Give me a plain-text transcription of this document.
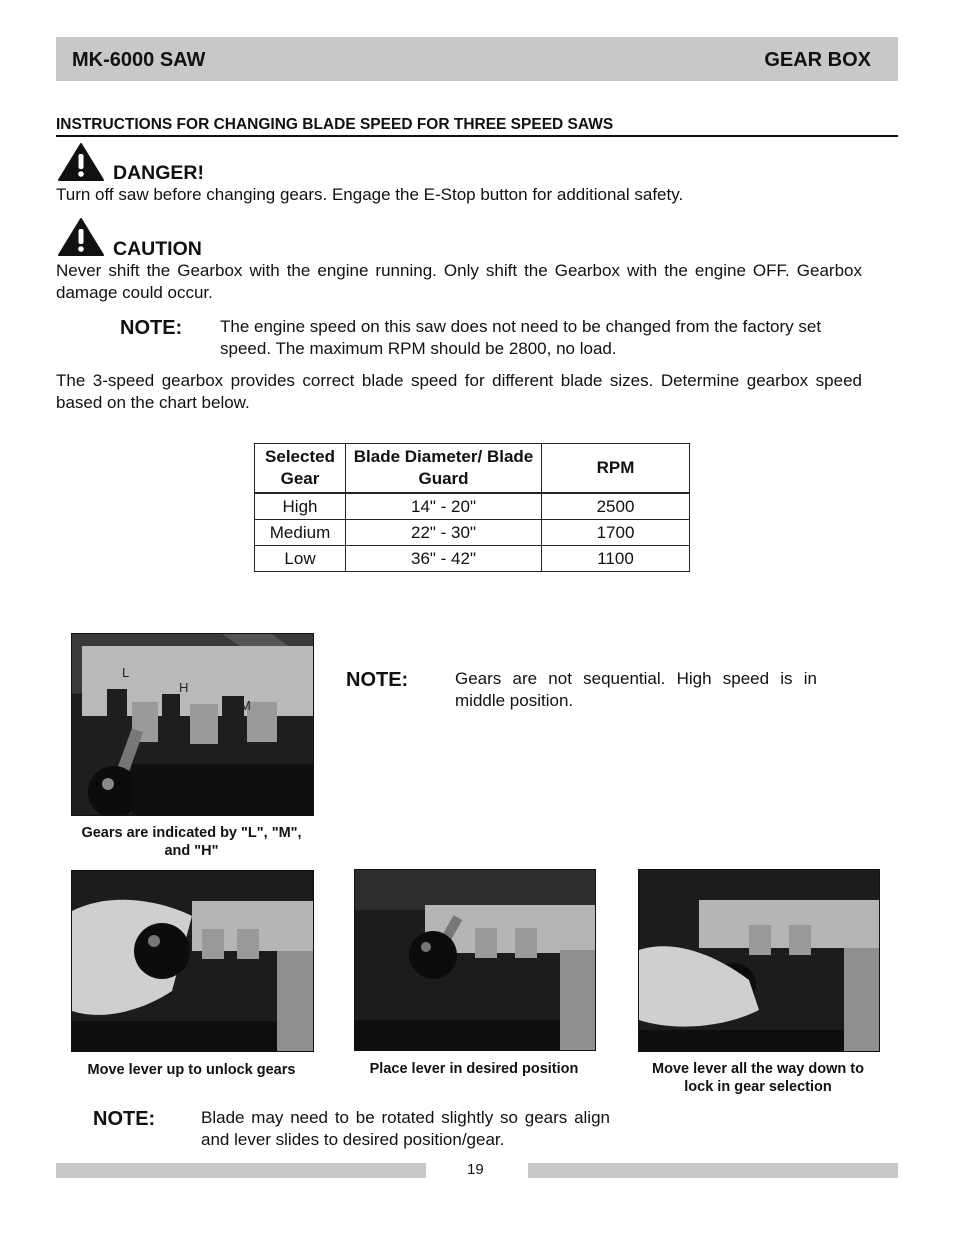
MK-6000 SAW	GEAR BOX
INSTRUCTIONS FOR CHANGING BLADE SPEED FOR THREE SPEED SAWS
DANGER!
Turn off saw before changing gears. Engage the E-Stop button for additional safety.
CAUTION
Never shift the Gearbox with the engine running. Only shift the Gearbox with the engine OFF. Gearbox damage could occur.
NOTE: The engine speed on this saw does not need to be changed from the factory set speed. The maximum RPM should be 2800, no load.
The 3-speed gearbox provides correct blade speed for different blade sizes. Determine gearbox speed based on the chart below.
Selected Gear	Blade Diameter/ Blade Guard	RPM
High	14" - 20"	2500
Medium	22" - 30"	1700
Low	36" - 42"	1100
L
H
M
Gears are indicated by "L", "M", and "H"
NOTE:	Gears are not sequential. High speed is in middle position.
Move lever up to unlock gears	Place lever in desired position	Move lever all the way down to lock in gear selection
NOTE:	Blade may need to be rotated slightly so gears align and lever slides to desired position/gear.
19
